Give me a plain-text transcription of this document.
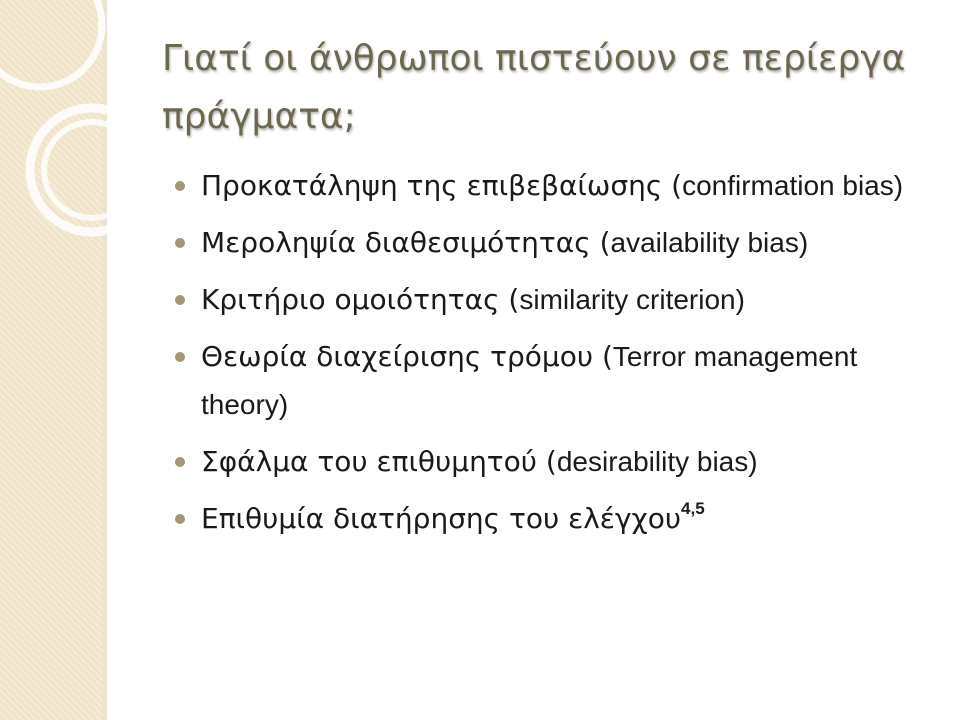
Γιατί οι άνθρωποι πιστεύουν σε περίεργα πράγματα;
Προκατάληψη της επιβεβαίωσης (confirmation bias)
Μεροληψία διαθεσιμότητας (availability bias)
Κριτήριο ομοιότητας (similarity criterion)
Θεωρία διαχείρισης τρόμου (Terror management theory)
Σφάλμα του επιθυμητού (desirability bias)
Επιθυμία διατήρησης του ελέγχου$^{4,5}$
